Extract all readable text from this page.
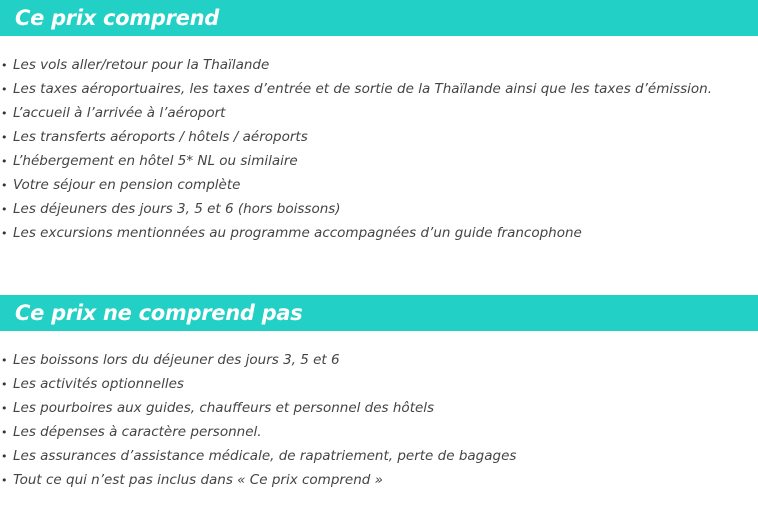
Ce prix comprend
• Les vols aller/retour pour la Thaïlande
• Les taxes aéroportuaires, les taxes d’entrée et de sortie de la Thaïlande ainsi que les taxes d’émission.
• L’accueil à l’arrivée à l’aéroport
• Les transferts aéroports / hôtels / aéroports
• L’hébergement en hôtel 5* NL ou similaire
• Votre séjour en pension complète
• Les déjeuners des jours 3, 5 et 6 (hors boissons)
• Les excursions mentionnées au programme accompagnées d’un guide francophone
Ce prix ne comprend pas
• Les boissons lors du déjeuner des jours 3, 5 et 6
• Les activités optionnelles
• Les pourboires aux guides, chauffeurs et personnel des hôtels
• Les dépenses à caractère personnel.
• Les assurances d’assistance médicale, de rapatriement, perte de bagages
• Tout ce qui n’est pas inclus dans « Ce prix comprend »
